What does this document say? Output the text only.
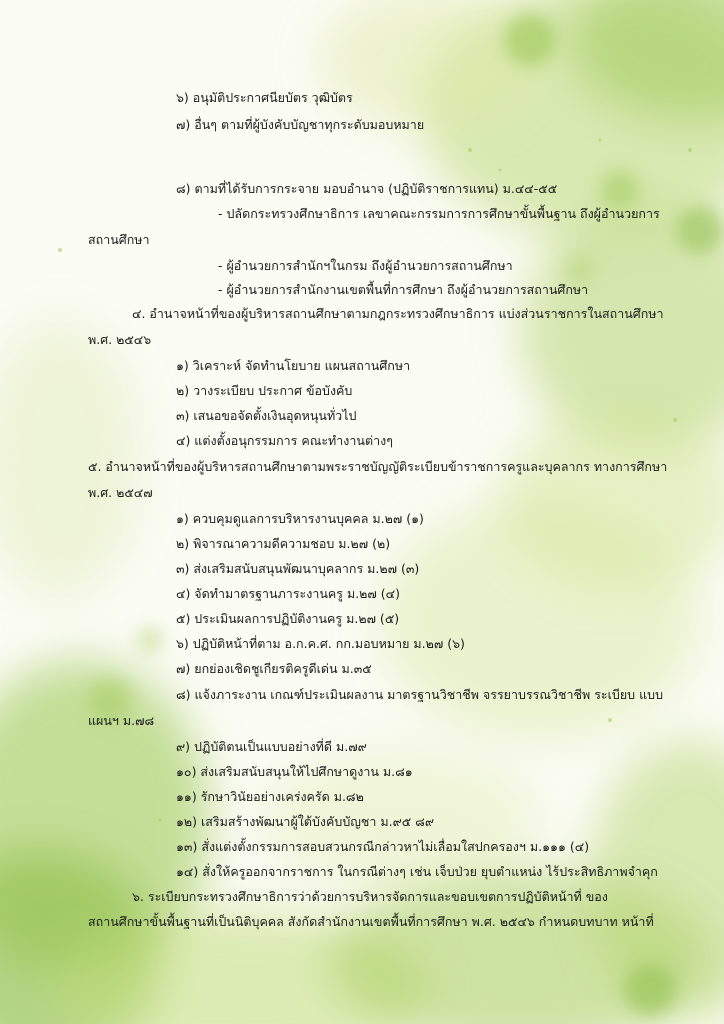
๖) อนุมัติประกาศนียบัตร วุฒิบัตร
๗) อื่นๆ ตามที่ผู้บังคับบัญชาทุกระดับมอบหมาย
๘) ตามที่ได้รับการกระจาย มอบอำนาจ (ปฏิบัติราชการแทน) ม.๔๔-๕๕
- ปลัดกระทรวงศึกษาธิการ เลขาคณะกรรมการการศึกษาขั้นพื้นฐาน ถึงผู้อำนวยการ
สถานศึกษา
- ผู้อำนวยการสำนักฯในกรม ถึงผู้อำนวยการสถานศึกษา
- ผู้อำนวยการสำนักงานเขตพื้นที่การศึกษา ถึงผู้อำนวยการสถานศึกษา
๔. อำนาจหน้าที่ของผู้บริหารสถานศึกษาตามกฎกระทรวงศึกษาธิการ แบ่งส่วนราชการในสถานศึกษา
พ.ศ. ๒๕๔๖
๑) วิเคราะห์ จัดทำนโยบาย แผนสถานศึกษา
๒) วางระเบียบ ประกาศ ข้อบังคับ
๓) เสนอขอจัดตั้งเงินอุดหนุนทั่วไป
๔) แต่งตั้งอนุกรรมการ คณะทำงานต่างๆ
๕. อำนาจหน้าที่ของผู้บริหารสถานศึกษาตามพระราชบัญญัติระเบียบข้าราชการครูและบุคลากร ทางการศึกษา
พ.ศ. ๒๕๔๗
๑) ควบคุมดูแลการบริหารงานบุคคล ม.๒๗ (๑)
๒) พิจารณาความดีความชอบ ม.๒๗ (๒)
๓) ส่งเสริมสนับสนุนพัฒนาบุคลากร ม.๒๗ (๓)
๔) จัดทำมาตรฐานภาระงานครู ม.๒๗ (๔)
๕) ประเมินผลการปฏิบัติงานครู ม.๒๗ (๕)
๖) ปฏิบัติหน้าที่ตาม อ.ก.ค.ศ. กก.มอบหมาย ม.๒๗ (๖)
๗) ยกย่องเชิดชูเกียรติครูดีเด่น ม.๓๕
๘) แจ้งภาระงาน เกณฑ์ประเมินผลงาน มาตรฐานวิชาชีพ จรรยาบรรณวิชาชีพ ระเบียบ แบบ
แผนฯ ม.๗๘
๙) ปฏิบัติตนเป็นแบบอย่างที่ดี ม.๗๙
๑๐) ส่งเสริมสนับสนุนให้ไปศึกษาดูงาน ม.๘๑
๑๑) รักษาวินัยอย่างเคร่งครัด ม.๘๒
๑๒) เสริมสร้างพัฒนาผู้ใต้บังคับบัญชา ม.๙๕ ๘๙
๑๓) สั่งแต่งตั้งกรรมการสอบสวนกรณีกล่าวหาไม่เลื่อมใสปกครองฯ ม.๑๑๑ (๔)
๑๔) สั่งให้ครูออกจากราชการ ในกรณีต่างๆ เช่น เจ็บป่วย ยุบตำแหน่ง ไร้ประสิทธิภาพจำคุก
๖. ระเบียบกระทรวงศึกษาธิการว่าด้วยการบริหารจัดการและขอบเขตการปฏิบัติหน้าที่ ของ
สถานศึกษาขั้นพื้นฐานที่เป็นนิติบุคคล สังกัดสำนักงานเขตพื้นที่การศึกษา พ.ศ. ๒๕๔๖ กำหนดบทบาท หน้าที่
